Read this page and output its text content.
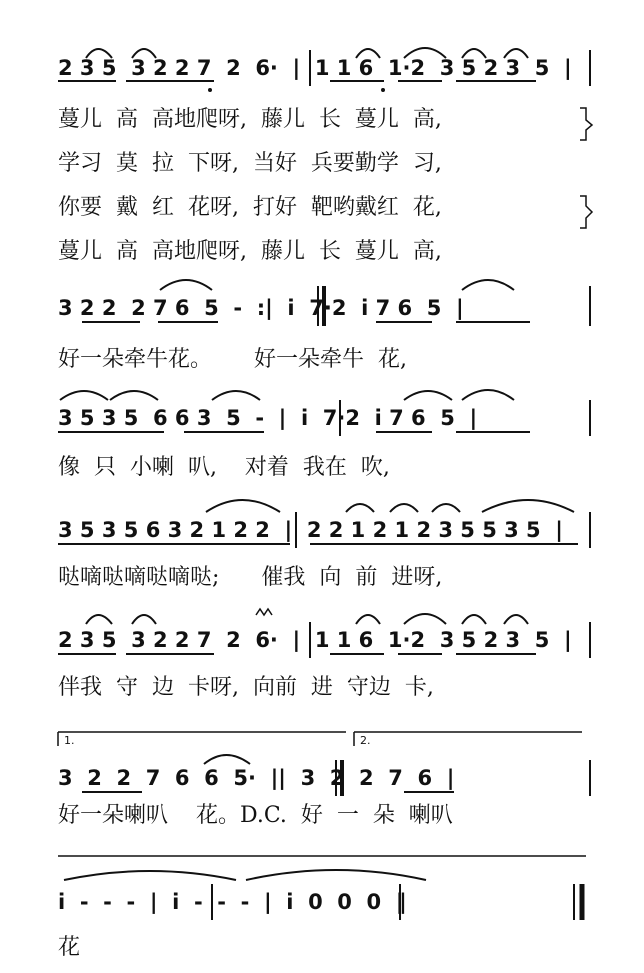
2 3 5  3 2 2 7  2  6·  |  1 1 6  1·2  3 5 2 3  5  |
蔓儿  高  高地爬呀,  藤儿  长  蔓儿  高,
学习  莫  拉  下呀,  当好  兵要勤学  习,
你要  戴  红  花呀,  打好  靶哟戴红  花,
蔓儿  高  高地爬呀,  藤儿  长  蔓儿  高,
3 2 2  2 7 6  5  -  :|  i  7·2  i 7 6  5  |
好一朵牵牛花。      好一朵牵牛  花,
3 5 3 5  6 6 3  5  -  |  i  7·2  i 7 6  5  |
像  只  小喇  叭,    对着  我在  吹,
3 5 3 5 6 3 2 1 2 2  |  2 2 1 2 1 2 3 5 5 3 5  |
哒嘀哒嘀哒嘀哒;      催我  向  前  进呀,
2 3 5  3 2 2 7  2  6·  |  1 1 6  1·2  3 5 2 3  5  |
伴我  守  边  卡呀,  向前  进  守边  卡,
1.	2.
3  2  2  7  6  6  5·  ||  3  2  2  7  6  |
好一朵喇叭    花。D.C.  好  一  朵  喇叭
i  -  -  -  |  i  -  -  -  |  i  0  0  0  ‖
花
